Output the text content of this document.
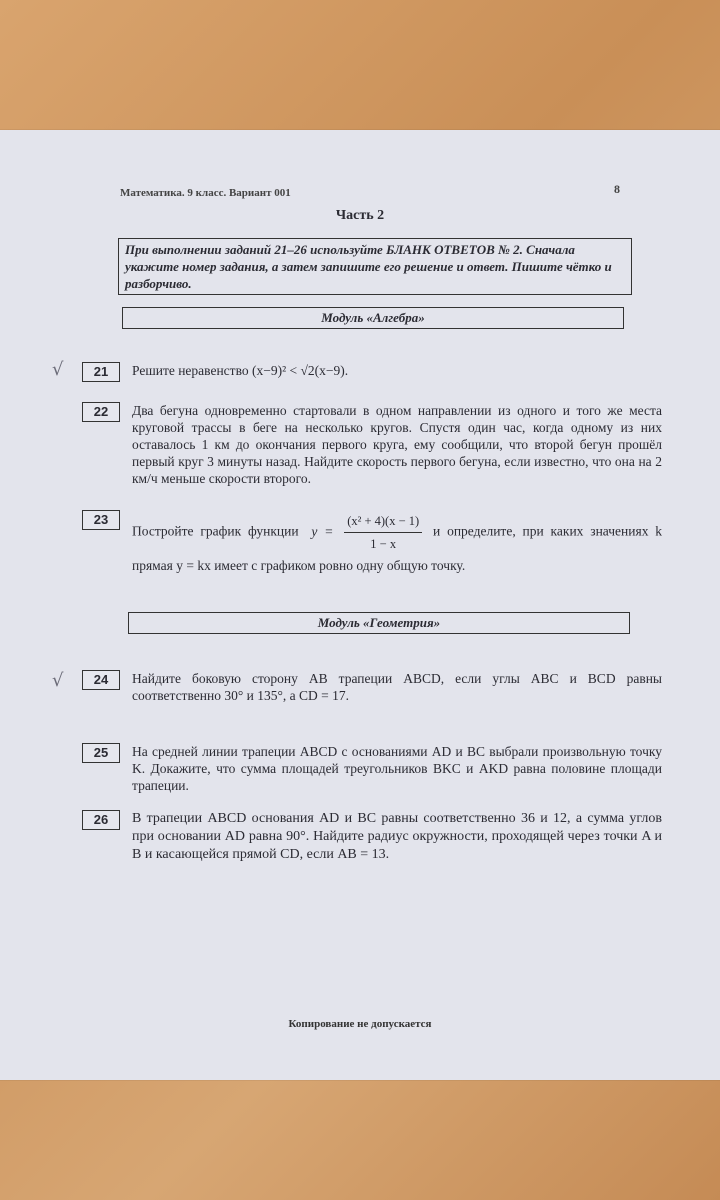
Математика. 9 класс. Вариант 001	8
Часть 2
При выполнении заданий 21–26 используйте БЛАНК ОТВЕТОВ № 2. Сначала укажите номер задания, а затем запишите его решение и ответ. Пишите чётко и разборчиво.
Модуль «Алгебра»
√	21	Решите неравенство (x−9)² < √2(x−9).
22	Два бегуна одновременно стартовали в одном направлении из одного и того же места круговой трассы в беге на несколько кругов. Спустя один час, когда одному из них оставалось 1 км до окончания первого круга, ему сообщили, что второй бегун прошёл первый круг 3 минуты назад. Найдите скорость первого бегуна, если известно, что она на 2 км/ч меньше скорости второго.
23
Постройте график функции $y = \frac{\text{(x² + 4)(x − 1)}}{1 - x}$ и определите, при каких значениях k прямая y = kx имеет с графиком ровно одну общую точку.
Модуль «Геометрия»
√	24	Найдите боковую сторону AB трапеции ABCD, если углы ABC и BCD равны соответственно 30° и 135°, а CD = 17.
25	На средней линии трапеции ABCD с основаниями AD и BC выбрали произвольную точку K. Докажите, что сумма площадей треугольников BKC и AKD равна половине площади трапеции.
26	В трапеции ABCD основания AD и BC равны соответственно 36 и 12, а сумма углов при основании AD равна 90°. Найдите радиус окружности, проходящей через точки A и B и касающейся прямой CD, если AB = 13.
Копирование не допускается
